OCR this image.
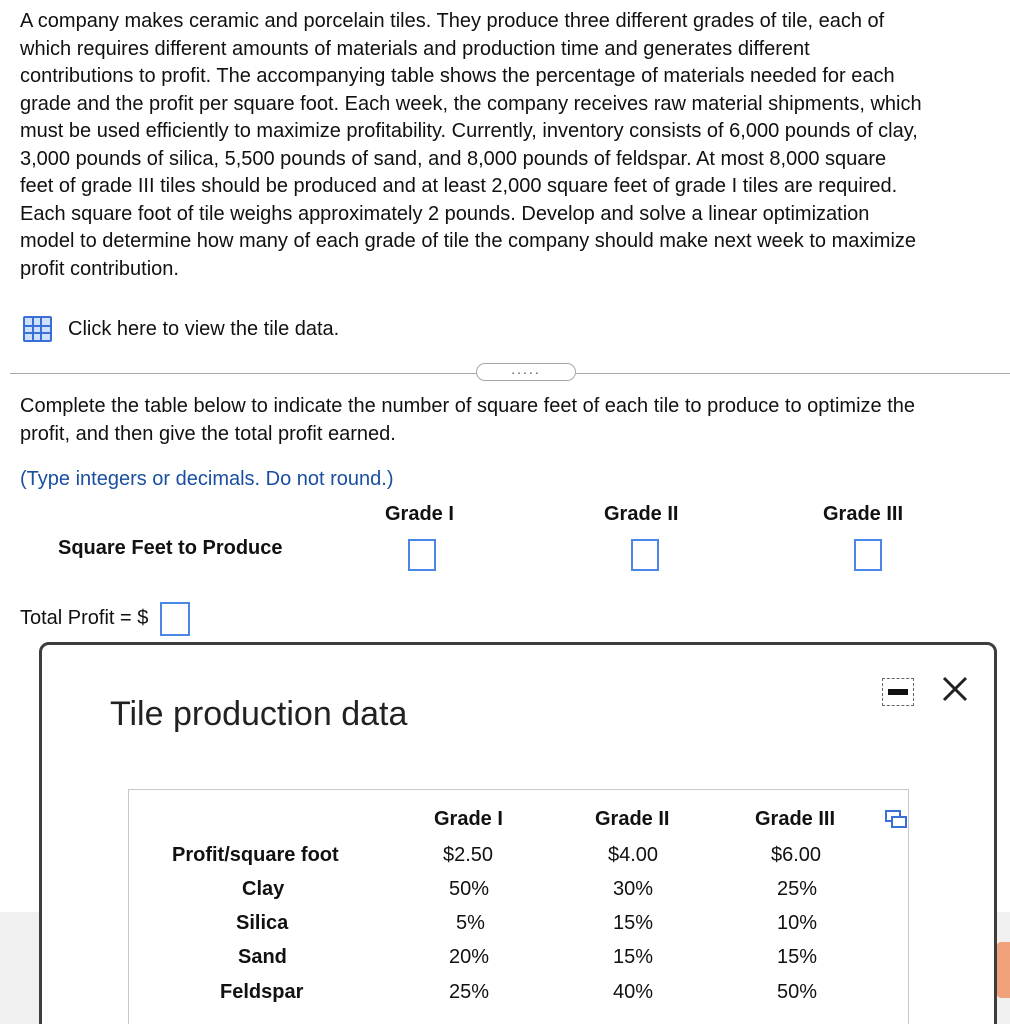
A company makes ceramic and porcelain tiles. They produce three different grades of tile, each of
which requires different amounts of materials and production time and generates different
contributions to profit. The accompanying table shows the percentage of materials needed for each
grade and the profit per square foot. Each week, the company receives raw material shipments, which
must be used efficiently to maximize profitability. Currently, inventory consists of 6,000 pounds of clay,
3,000 pounds of silica, 5,500 pounds of sand, and 8,000 pounds of feldspar. At most 8,000 square
feet of grade III tiles should be produced and at least 2,000 square feet of grade I tiles are required.
Each square foot of tile weighs approximately 2 pounds. Develop and solve a linear optimization
model to determine how many of each grade of tile the company should make next week to maximize
profit contribution.
Click here to view the tile data.
.....
Complete the table below to indicate the number of square feet of each tile to produce to optimize the
profit, and then give the total profit earned.
(Type integers or decimals. Do not round.)
Grade I	Grade II	Grade III
Square Feet to Produce
Total Profit = $
Tile production data
Grade I	Grade II	Grade III
Profit/square foot	$2.50	$4.00	$6.00
Clay	50%	30%	25%
Silica	5%	15%	10%
Sand	20%	15%	15%
Feldspar	25%	40%	50%
